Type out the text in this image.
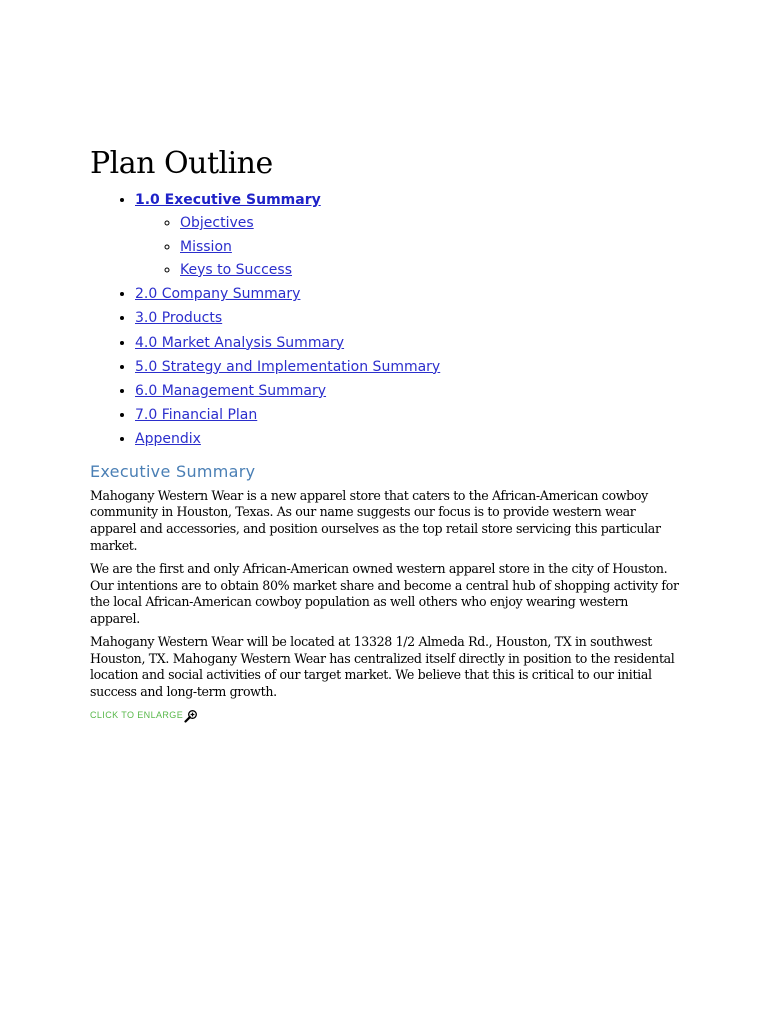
Plan Outline
• 1.0 Executive Summary
◦ Objectives
◦ Mission
◦ Keys to Success
• 2.0 Company Summary
• 3.0 Products
• 4.0 Market Analysis Summary
• 5.0 Strategy and Implementation Summary
• 6.0 Management Summary
• 7.0 Financial Plan
• Appendix
Executive Summary

Mahogany Western Wear is a new apparel store that caters to the African-American cowboy community in Houston, Texas. As our name suggests our focus is to provide western wear apparel and accessories, and position ourselves as the top retail store servicing this particular market.

We are the first and only African-American owned western apparel store in the city of Houston. Our intentions are to obtain 80% market share and become a central hub of shopping activity for the local African-American cowboy population as well others who enjoy wearing western apparel.

Mahogany Western Wear will be located at 13328 1/2 Almeda Rd., Houston, TX in southwest Houston, TX. Mahogany Western Wear has centralized itself directly in position to the residental location and social activities of our target market. We believe that this is critical to our initial success and long-term growth.

CLICK TO ENLARGE
